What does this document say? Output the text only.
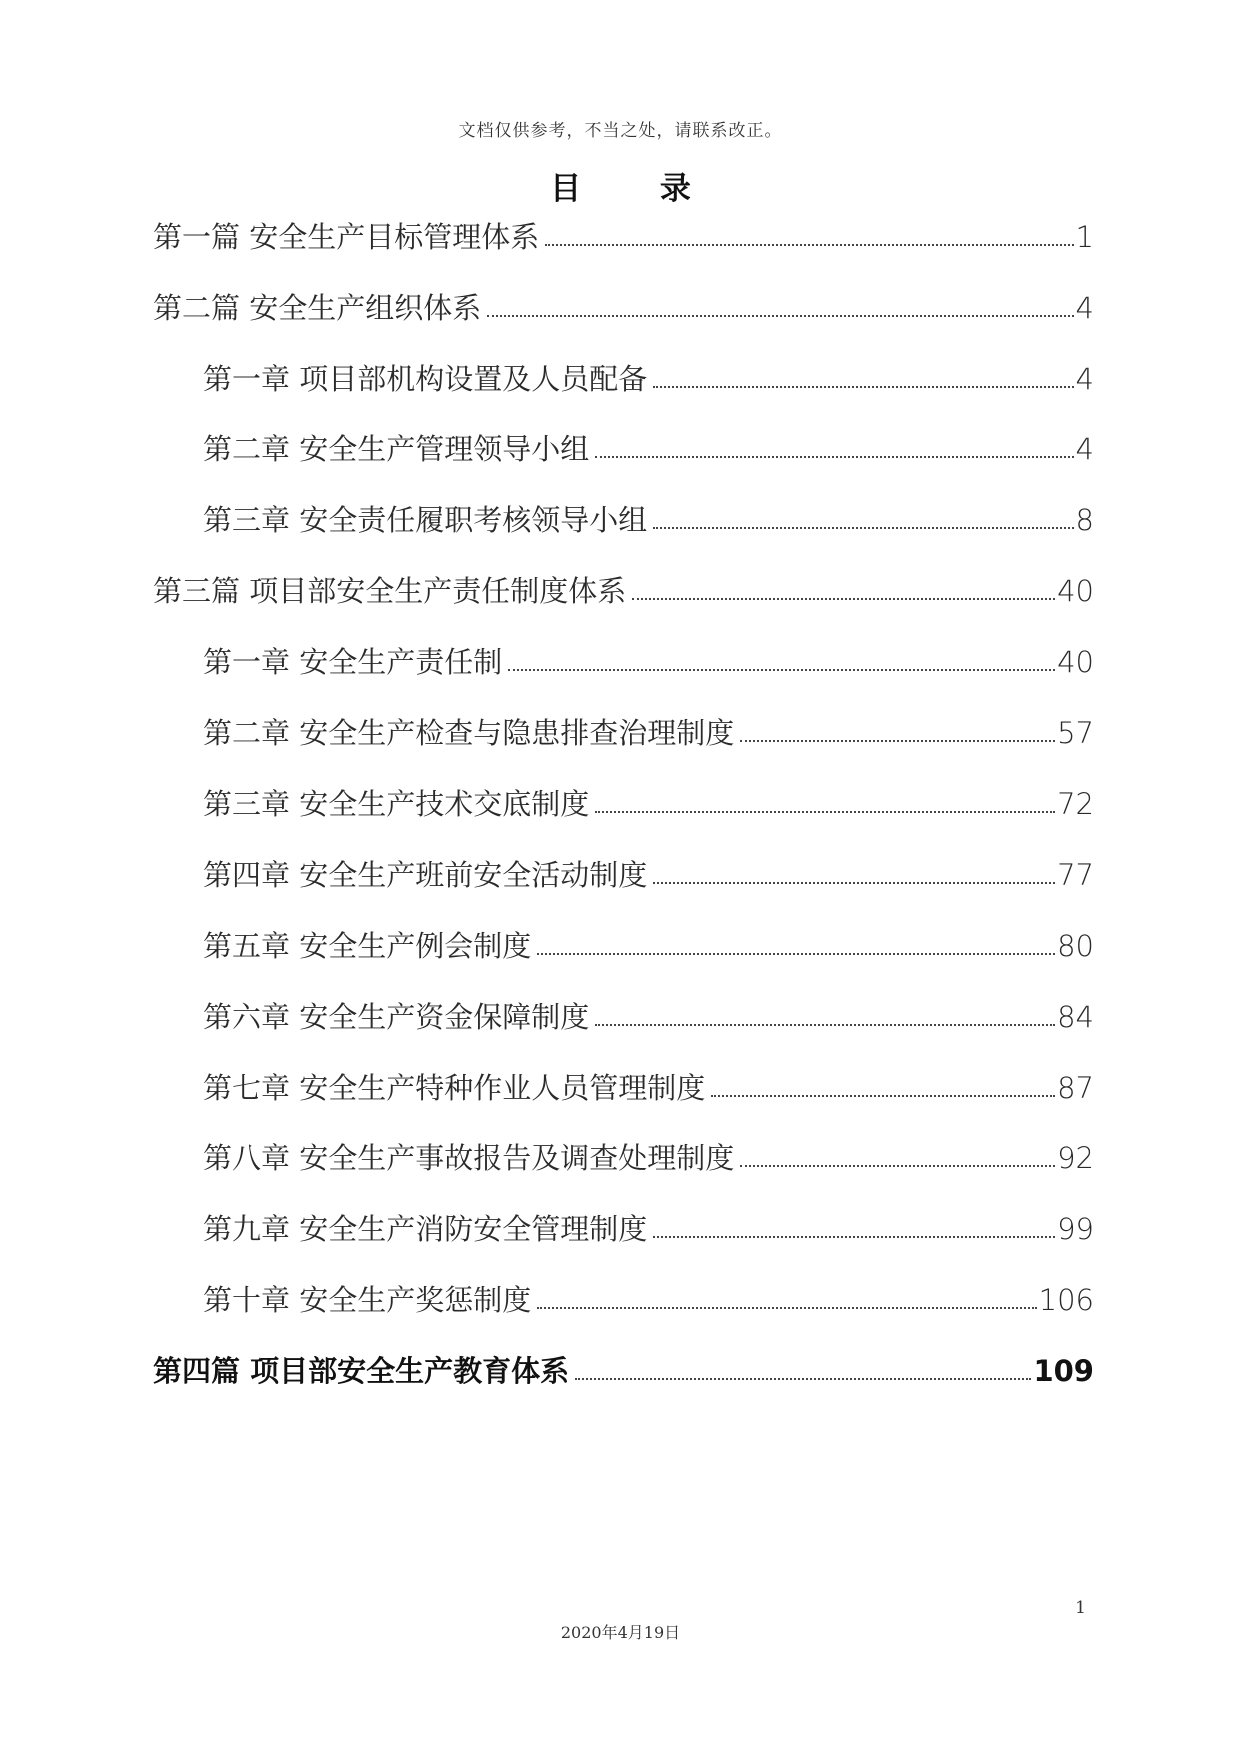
文档仅供参考，不当之处，请联系改正。
目 录
第一篇 安全生产目标管理体系	1
第二篇 安全生产组织体系	4
第一章 项目部机构设置及人员配备	4
第二章 安全生产管理领导小组	4
第三章 安全责任履职考核领导小组	8
第三篇 项目部安全生产责任制度体系	40
第一章 安全生产责任制	40
第二章 安全生产检查与隐患排查治理制度	57
第三章 安全生产技术交底制度	72
第四章 安全生产班前安全活动制度	77
第五章 安全生产例会制度	80
第六章 安全生产资金保障制度	84
第七章 安全生产特种作业人员管理制度	87
第八章 安全生产事故报告及调查处理制度	92
第九章 安全生产消防安全管理制度	99
第十章 安全生产奖惩制度	106
第四篇 项目部安全生产教育体系	109
1
2020年4月19日
